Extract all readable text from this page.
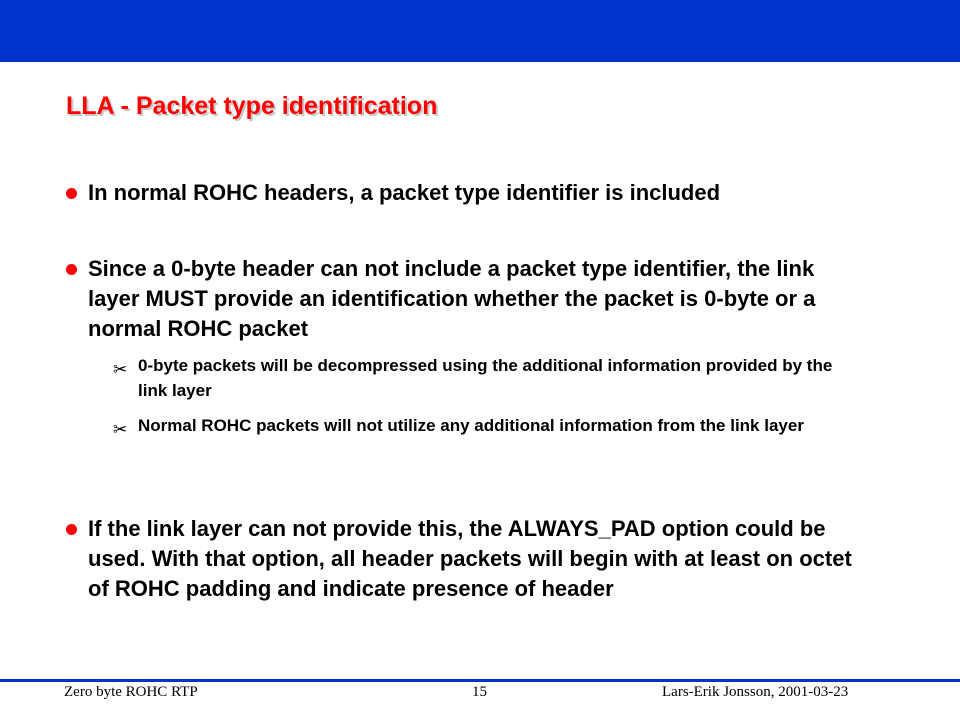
LLA - Packet type identification
In normal ROHC headers, a packet type identifier is included
Since a 0-byte header can not include a packet type identifier, the link layer MUST provide an identification whether the packet is 0-byte or a normal ROHC packet
✂ 0-byte packets will be decompressed using the additional information provided by the link layer
✂ Normal ROHC packets will not utilize any additional information from the link layer
If the link layer can not provide this, the ALWAYS_PAD option could be used. With that option, all header packets will begin with at least on octet of ROHC padding and indicate presence of header
Zero byte ROHC RTP	15	Lars-Erik Jonsson, 2001-03-23
